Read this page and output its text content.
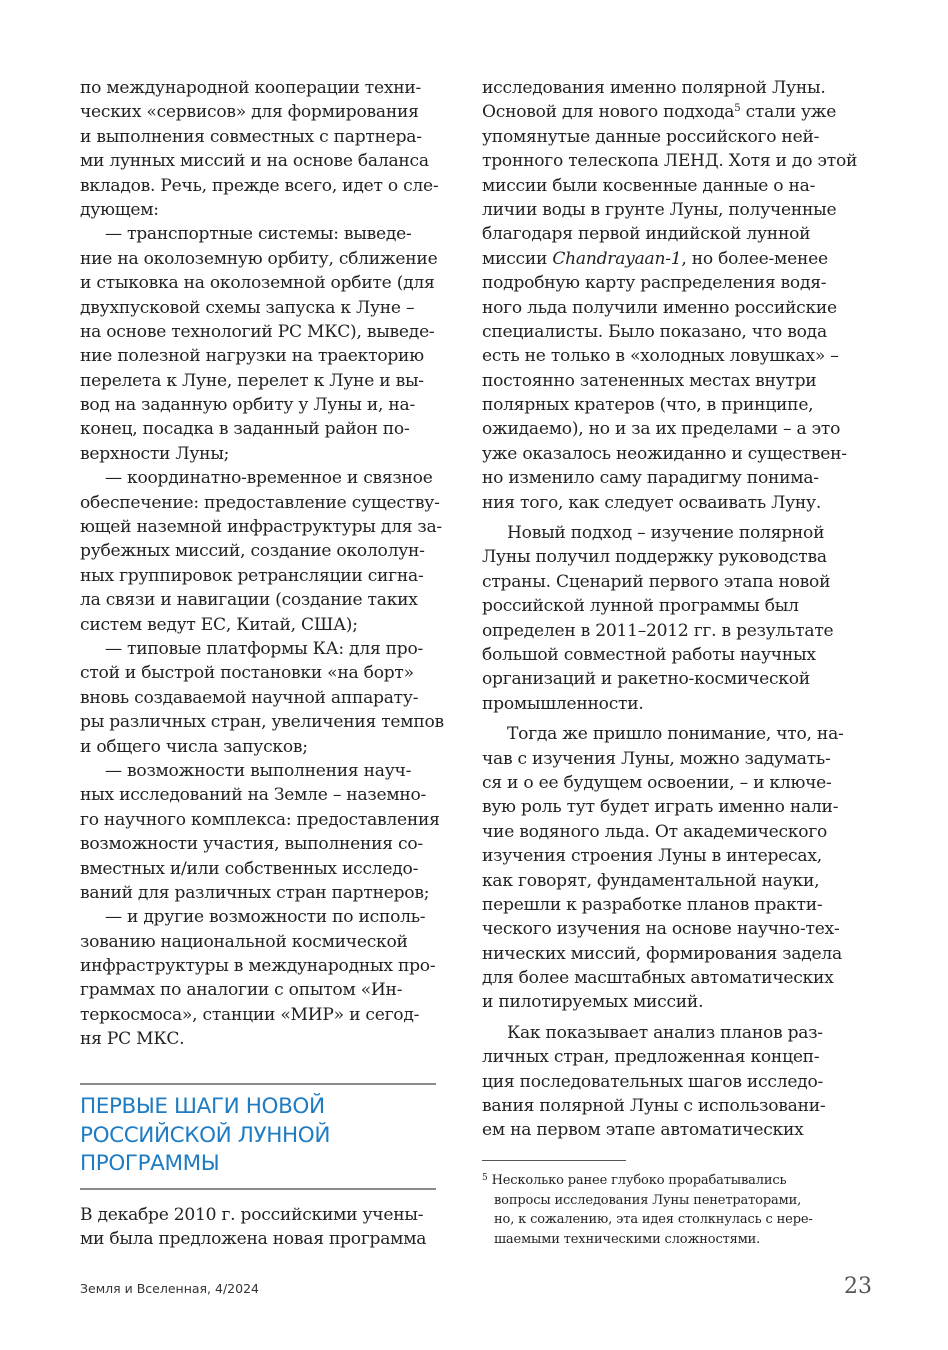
по международной кооперации техни-
ческих «сервисов» для формирования
и выполнения совместных с партнера-
ми лунных миссий и на основе баланса
вкладов. Речь, прежде всего, идет о сле-
дующем:
— транспортные системы: выведе-
ние на околоземную орбиту, сближение
и стыковка на околоземной орбите (для
двухпусковой схемы запуска к Луне –
на основе технологий РС МКС), выведе-
ние полезной нагрузки на траекторию
перелета к Луне, перелет к Луне и вы-
вод на заданную орбиту у Луны и, на-
конец, посадка в заданный район по-
верхности Луны;
— координатно-временное и связное
обеспечение: предоставление существу-
ющей наземной инфраструктуры для за-
рубежных миссий, создание окололун-
ных группировок ретрансляции сигна-
ла связи и навигации (создание таких
систем ведут ЕС, Китай, США);
— типовые платформы КА: для про-
стой и быстрой постановки «на борт»
вновь создаваемой научной аппарату-
ры различных стран, увеличения темпов
и общего числа запусков;
— возможности выполнения науч-
ных исследований на Земле – наземно-
го научного комплекса: предоставления
возможности участия, выполнения со-
вместных и/или собственных исследо-
ваний для различных стран партнеров;
— и другие возможности по исполь-
зованию национальной космической
инфраструктуры в международных про-
граммах по аналогии с опытом «Ин-
теркосмоса», станции «МИР» и сегод-
ня РС МКС.
ПЕРВЫЕ ШАГИ НОВОЙ
РОССИЙСКОЙ ЛУННОЙ
ПРОГРАММЫ
В декабре 2010 г. российскими учены-
ми была предложена новая программа
исследования именно полярной Луны.
Основой для нового подхода$^5$ стали уже
упомянутые данные российского ней-
тронного телескопа ЛЕНД. Хотя и до этой
миссии были косвенные данные о на-
личии воды в грунте Луны, полученные
благодаря первой индийской лунной
миссии Chandrayaan-1, но более-менее
подробную карту распределения водя-
ного льда получили именно российские
специалисты. Было показано, что вода
есть не только в «холодных ловушках» –
постоянно затененных местах внутри
полярных кратеров (что, в принципе,
ожидаемо), но и за их пределами – а это
уже оказалось неожиданно и существен-
но изменило саму парадигму понима-
ния того, как следует осваивать Луну.
Новый подход – изучение полярной
Луны получил поддержку руководства
страны. Сценарий первого этапа новой
российской лунной программы был
определен в 2011–2012 гг. в результате
большой совместной работы научных
организаций и ракетно-космической
промышленности.
Тогда же пришло понимание, что, на-
чав с изучения Луны, можно задумать-
ся и о ее будущем освоении, – и ключе-
вую роль тут будет играть именно нали-
чие водяного льда. От академического
изучения строения Луны в интересах,
как говорят, фундаментальной науки,
перешли к разработке планов практи-
ческого изучения на основе научно-тех-
нических миссий, формирования задела
для более масштабных автоматических
и пилотируемых миссий.
Как показывает анализ планов раз-
личных стран, предложенная концеп-
ция последовательных шагов исследо-
вания полярной Луны с использовани-
ем на первом этапе автоматических
$^5$ Несколько ранее глубоко прорабатывались
вопросы исследования Луны пенетраторами,
но, к сожалению, эта идея столкнулась с нере-
шаемыми техническими сложностями.
Земля и Вселенная, 4/2024	23
